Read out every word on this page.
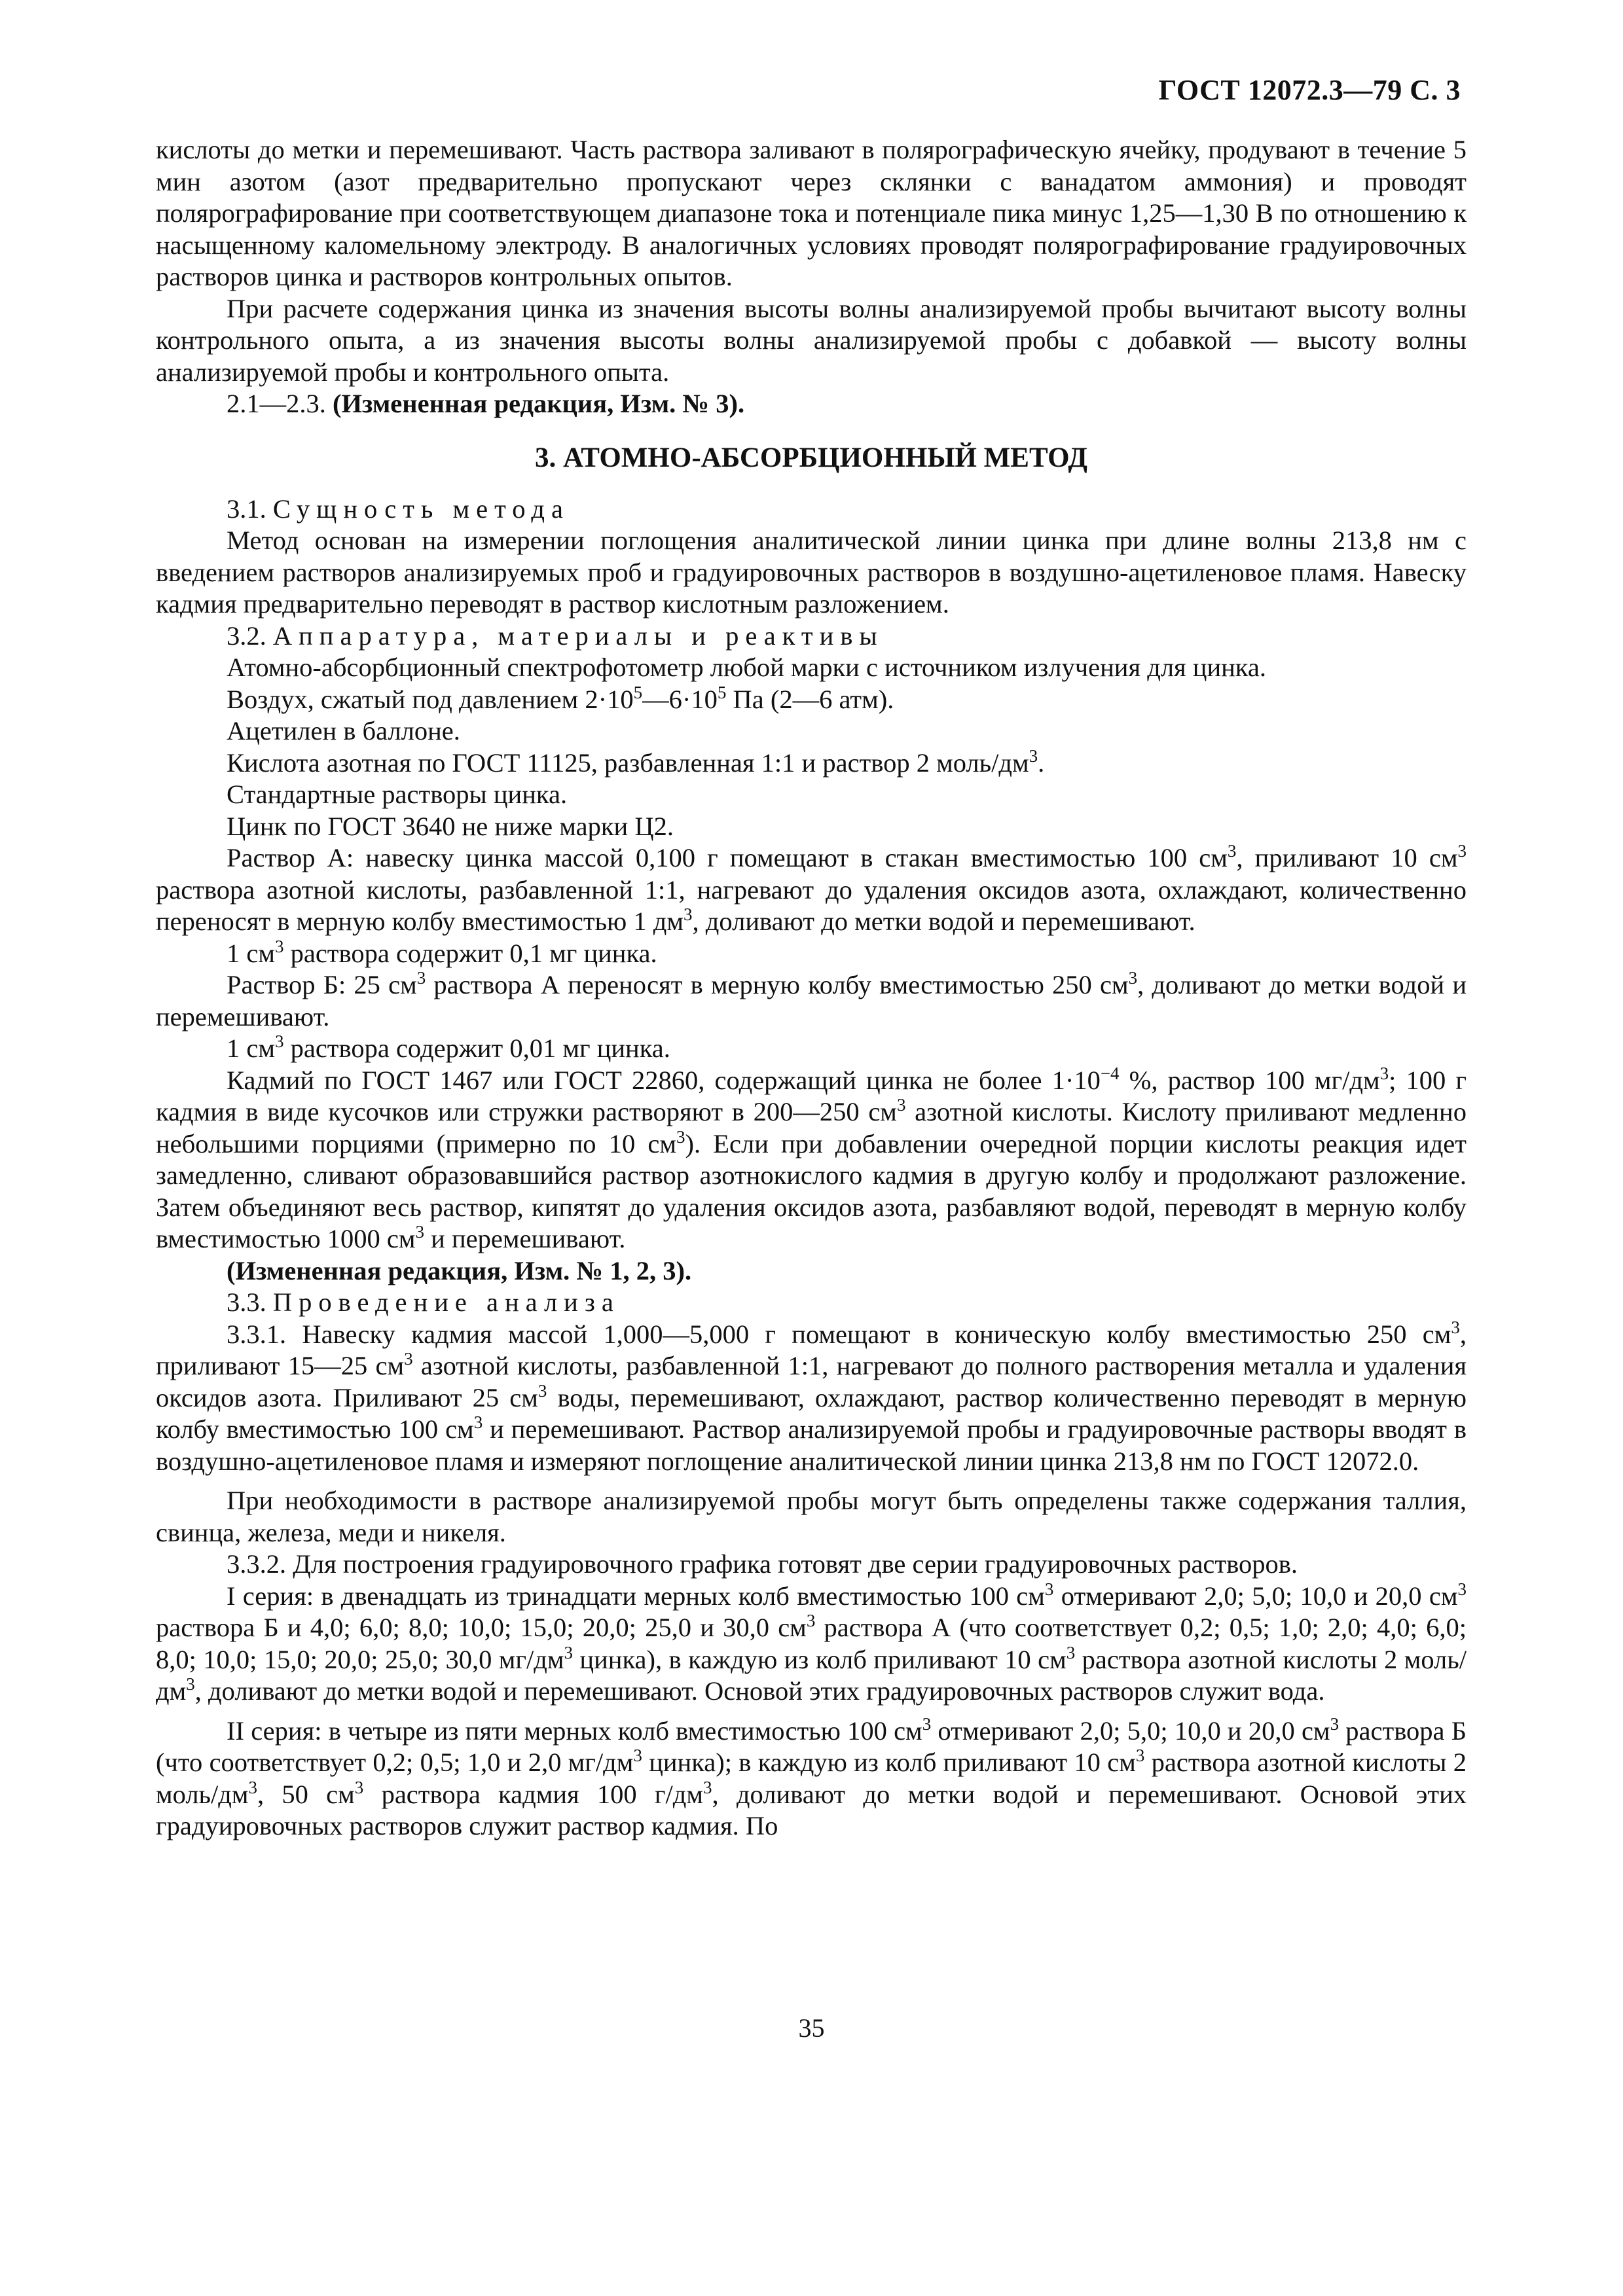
ГОСТ 12072.3—79 С. 3

кислоты до метки и перемешивают. Часть раствора заливают в полярографическую ячейку, продувают в течение 5 мин азотом (азот предварительно пропускают через склянки с ванадатом аммония) и проводят полярографирование при соответствующем диапазоне тока и потенциале пика минус 1,25—1,30 В по отношению к насыщенному каломельному электроду. В аналогичных условиях проводят полярографирование градуировочных растворов цинка и растворов контрольных опытов.

При расчете содержания цинка из значения высоты волны анализируемой пробы вычитают высоту волны контрольного опыта, а из значения высоты волны анализируемой пробы с добавкой — высоту волны анализируемой пробы и контрольного опыта.

2.1—2.3. (Измененная редакция, Изм. № 3).

3. АТОМНО-АБСОРБЦИОННЫЙ МЕТОД

3.1. Сущность метода

Метод основан на измерении поглощения аналитической линии цинка при длине волны 213,8 нм с введением растворов анализируемых проб и градуировочных растворов в воздушно-ацетиленовое пламя. Навеску кадмия предварительно переводят в раствор кислотным разложением.

3.2. Аппаратура, материалы и реактивы

Атомно-абсорбционный спектрофотометр любой марки с источником излучения для цинка.

Воздух, сжатый под давлением $2\cdot 10^5—6\cdot 10^5$ Па (2—6 атм).

Ацетилен в баллоне.

Кислота азотная по ГОСТ 11125, разбавленная 1:1 и раствор 2 моль/$дм^3$.

Стандартные растворы цинка.

Цинк по ГОСТ 3640 не ниже марки Ц2.

Раствор А: навеску цинка массой 0,100 г помещают в стакан вместимостью 100 $см^3$, приливают 10 $см^3$ раствора азотной кислоты, разбавленной 1:1, нагревают до удаления оксидов азота, охлаждают, количественно переносят в мерную колбу вместимостью 1 $дм^3$, доливают до метки водой и перемешивают.

1 $см^3$ раствора содержит 0,1 мг цинка.

Раствор Б: 25 $см^3$ раствора А переносят в мерную колбу вместимостью 250 $см^3$, доливают до метки водой и перемешивают.

1 $см^3$ раствора содержит 0,01 мг цинка.

Кадмий по ГОСТ 1467 или ГОСТ 22860, содержащий цинка не более $1\cdot 10^{-4}$ %, раствор 100 $мг/дм^3$; 100 г кадмия в виде кусочков или стружки растворяют в 200—250 $см^3$ азотной кислоты. Кислоту приливают медленно небольшими порциями (примерно по 10 $см^3$). Если при добавлении очередной порции кислоты реакция идет замедленно, сливают образовавшийся раствор азотнокислого кадмия в другую колбу и продолжают разложение. Затем объединяют весь раствор, кипятят до удаления оксидов азота, разбавляют водой, переводят в мерную колбу вместимостью 1000 $см^3$ и перемешивают.

(Измененная редакция, Изм. № 1, 2, 3).

3.3. Проведение анализа

3.3.1. Навеску кадмия массой 1,000—5,000 г помещают в коническую колбу вместимостью 250 $см^3$, приливают 15—25 $см^3$ азотной кислоты, разбавленной 1:1, нагревают до полного растворения металла и удаления оксидов азота. Приливают 25 $см^3$ воды, перемешивают, охлаждают, раствор количественно переводят в мерную колбу вместимостью 100 $см^3$ и перемешивают. Раствор анализируемой пробы и градуировочные растворы вводят в воздушно-ацетиленовое пламя и измеряют поглощение аналитической линии цинка 213,8 нм по ГОСТ 12072.0.

При необходимости в растворе анализируемой пробы могут быть определены также содержания таллия, свинца, железа, меди и никеля.

3.3.2. Для построения градуировочного графика готовят две серии градуировочных растворов.

I серия: в двенадцать из тринадцати мерных колб вместимостью 100 $см^3$ отмеривают 2,0; 5,0; 10,0 и 20,0 $см^3$ раствора Б и 4,0; 6,0; 8,0; 10,0; 15,0; 20,0; 25,0 и 30,0 $см^3$ раствора А (что соответствует 0,2; 0,5; 1,0; 2,0; 4,0; 6,0; 8,0; 10,0; 15,0; 20,0; 25,0; 30,0 $мг/дм^3$ цинка), в каждую из колб приливают 10 $см^3$ раствора азотной кислоты 2 моль/$дм^3$, доливают до метки водой и перемешивают. Основой этих градуировочных растворов служит вода.

II серия: в четыре из пяти мерных колб вместимостью 100 $см^3$ отмеривают 2,0; 5,0; 10,0 и 20,0 $см^3$ раствора Б (что соответствует 0,2; 0,5; 1,0 и 2,0 $мг/дм^3$ цинка); в каждую из колб приливают 10 $см^3$ раствора азотной кислоты 2 моль/$дм^3$, 50 $см^3$ раствора кадмия 100 $г/дм^3$, доливают до метки водой и перемешивают. Основой этих градуировочных растворов служит раствор кадмия. По

35
